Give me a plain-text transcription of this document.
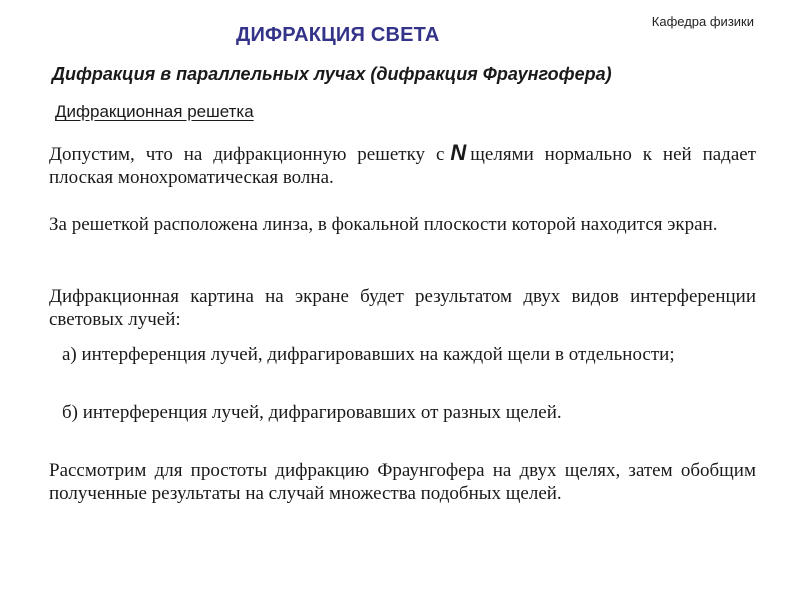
Кафедра физики
ДИФРАКЦИЯ СВЕТА
Дифракция в параллельных лучах (дифракция Фраунгофера)
Дифракционная решетка

Допустим, что на дифракционную решетку с N щелями нормально к ней падает плоская монохроматическая волна.

За решеткой расположена линза, в фокальной плоскости которой находится экран.

Дифракционная картина на экране будет результатом двух видов интерференции световых лучей:

а) интерференция лучей, дифрагировавших на каждой щели в отдельности;

б) интерференция лучей, дифрагировавших от разных щелей.

Рассмотрим для простоты дифракцию Фраунгофера на двух щелях, затем обобщим полученные результаты на случай множества подобных щелей.
